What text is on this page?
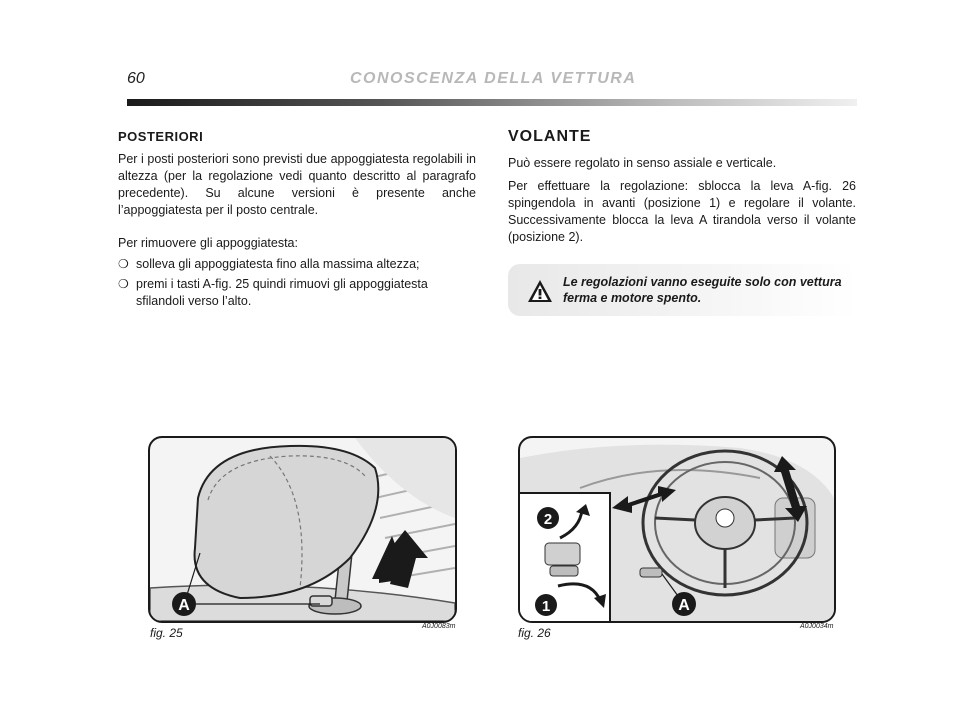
60	CONOSCENZA DELLA VETTURA

POSTERIORI

Per i posti posteriori sono previsti due appoggiatesta regolabili in altezza (per la regolazione vedi quanto descritto al paragrafo precedente). Su alcune versioni è presente anche l’appoggiatesta per il posto centrale.

Per rimuovere gli appoggiatesta:

❍ solleva gli appoggiatesta fino alla massima altezza;
❍ premi i tasti A-fig. 25 quindi rimuovi gli appoggiatesta sfilandoli verso l’alto.

VOLANTE

Può essere regolato in senso assiale e verticale.

Per effettuare la regolazione: sblocca la leva A-fig. 26 spingendola in avanti (posizione 1) e regolare il volante. Successivamente blocca la leva A tirandola verso il volante (posizione 2).

Le regolazioni vanno eseguite solo con vettura ferma e motore spento.
A
fig. 25	A0J0083m
2
1	A
fig. 26	A0J0034m
